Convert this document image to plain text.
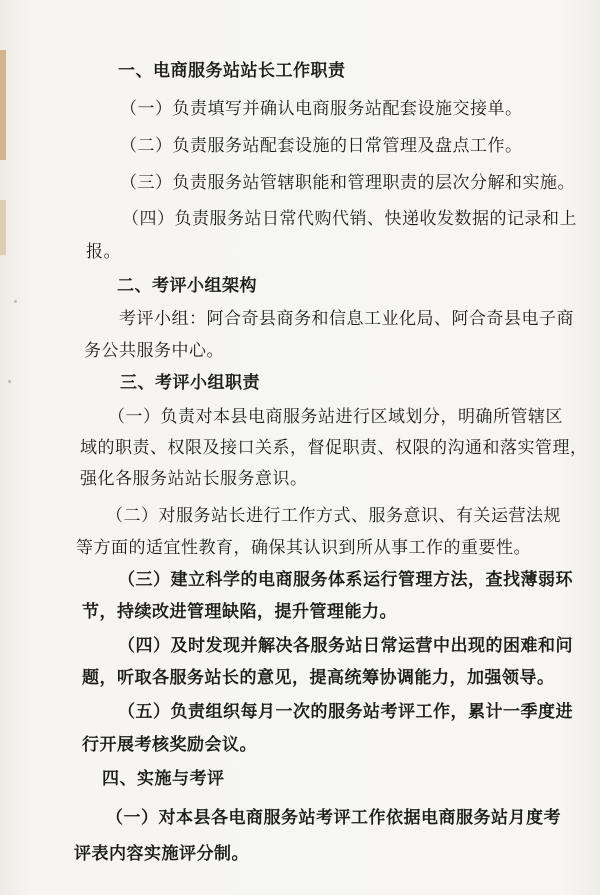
一、电商服务站站长工作职责
（一）负责填写并确认电商服务站配套设施交接单。
（二）负责服务站配套设施的日常管理及盘点工作。
（三）负责服务站管辖职能和管理职责的层次分解和实施。
（四）负责服务站日常代购代销、快递收发数据的记录和上
报。
二、考评小组架构
考评小组：阿合奇县商务和信息工业化局、阿合奇县电子商
务公共服务中心。
三、考评小组职责
（一）负责对本县电商服务站进行区域划分，明确所管辖区
域的职责、权限及接口关系，督促职责、权限的沟通和落实管理，
强化各服务站站长服务意识。
（二）对服务站长进行工作方式、服务意识、有关运营法规
等方面的适宜性教育，确保其认识到所从事工作的重要性。
（三）建立科学的电商服务体系运行管理方法，查找薄弱环
节，持续改进管理缺陷，提升管理能力。
（四）及时发现并解决各服务站日常运营中出现的困难和问
题，听取各服务站长的意见，提高统筹协调能力，加强领导。
（五）负责组织每月一次的服务站考评工作，累计一季度进
行开展考核奖励会议。
四、实施与考评
（一）对本县各电商服务站考评工作依据电商服务站月度考
评表内容实施评分制。
